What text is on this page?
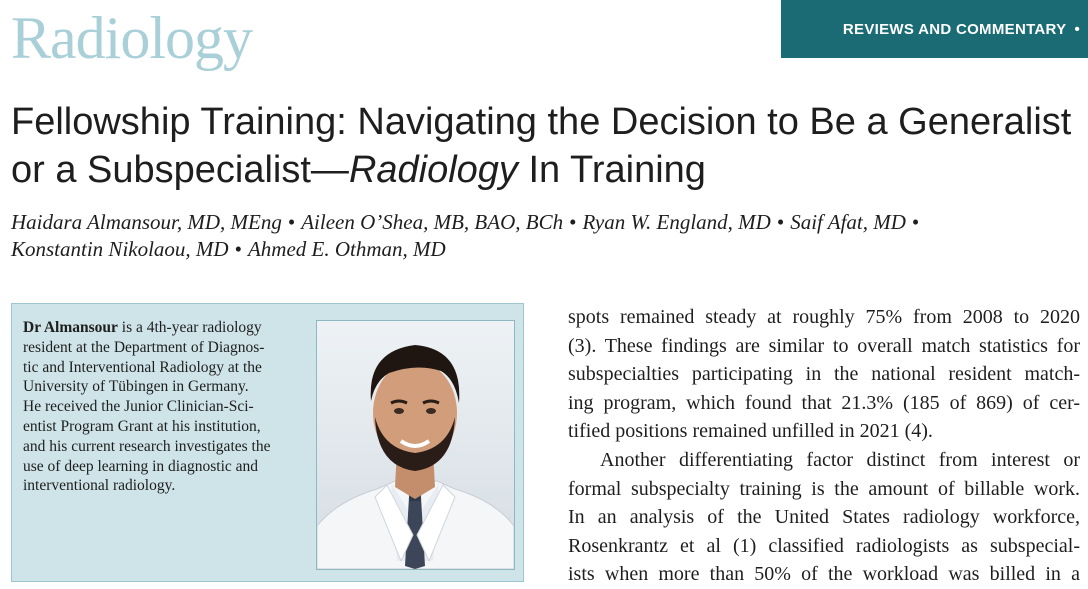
Radiology	REVIEWS AND COMMENTARY •
Fellowship Training: Navigating the Decision to Be a Generalist
or a Subspecialist—Radiology In Training
Haidara Almansour, MD, MEng • Aileen O’Shea, MB, BAO, BCh • Ryan W. England, MD • Saif Afat, MD •
Konstantin Nikolaou, MD • Ahmed E. Othman, MD
Dr Almansour is a 4th-year radiology
resident at the Department of Diagnos-
tic and Interventional Radiology at the
University of Tübingen in Germany.
He received the Junior Clinician-Sci-
entist Program Grant at his institution,
and his current research investigates the
use of deep learning in diagnostic and
interventional radiology.

spots remained steady at roughly 75% from 2008 to 2020
(3). These findings are similar to overall match statistics for
subspecialties participating in the national resident match-
ing program, which found that 21.3% (185 of 869) of cer-
tified positions remained unfilled in 2021 (4).

Another differentiating factor distinct from interest or
formal subspecialty training is the amount of billable work.
In an analysis of the United States radiology workforce,
Rosenkrantz et al (1) classified radiologists as subspecial-
ists when more than 50% of the workload was billed in a
